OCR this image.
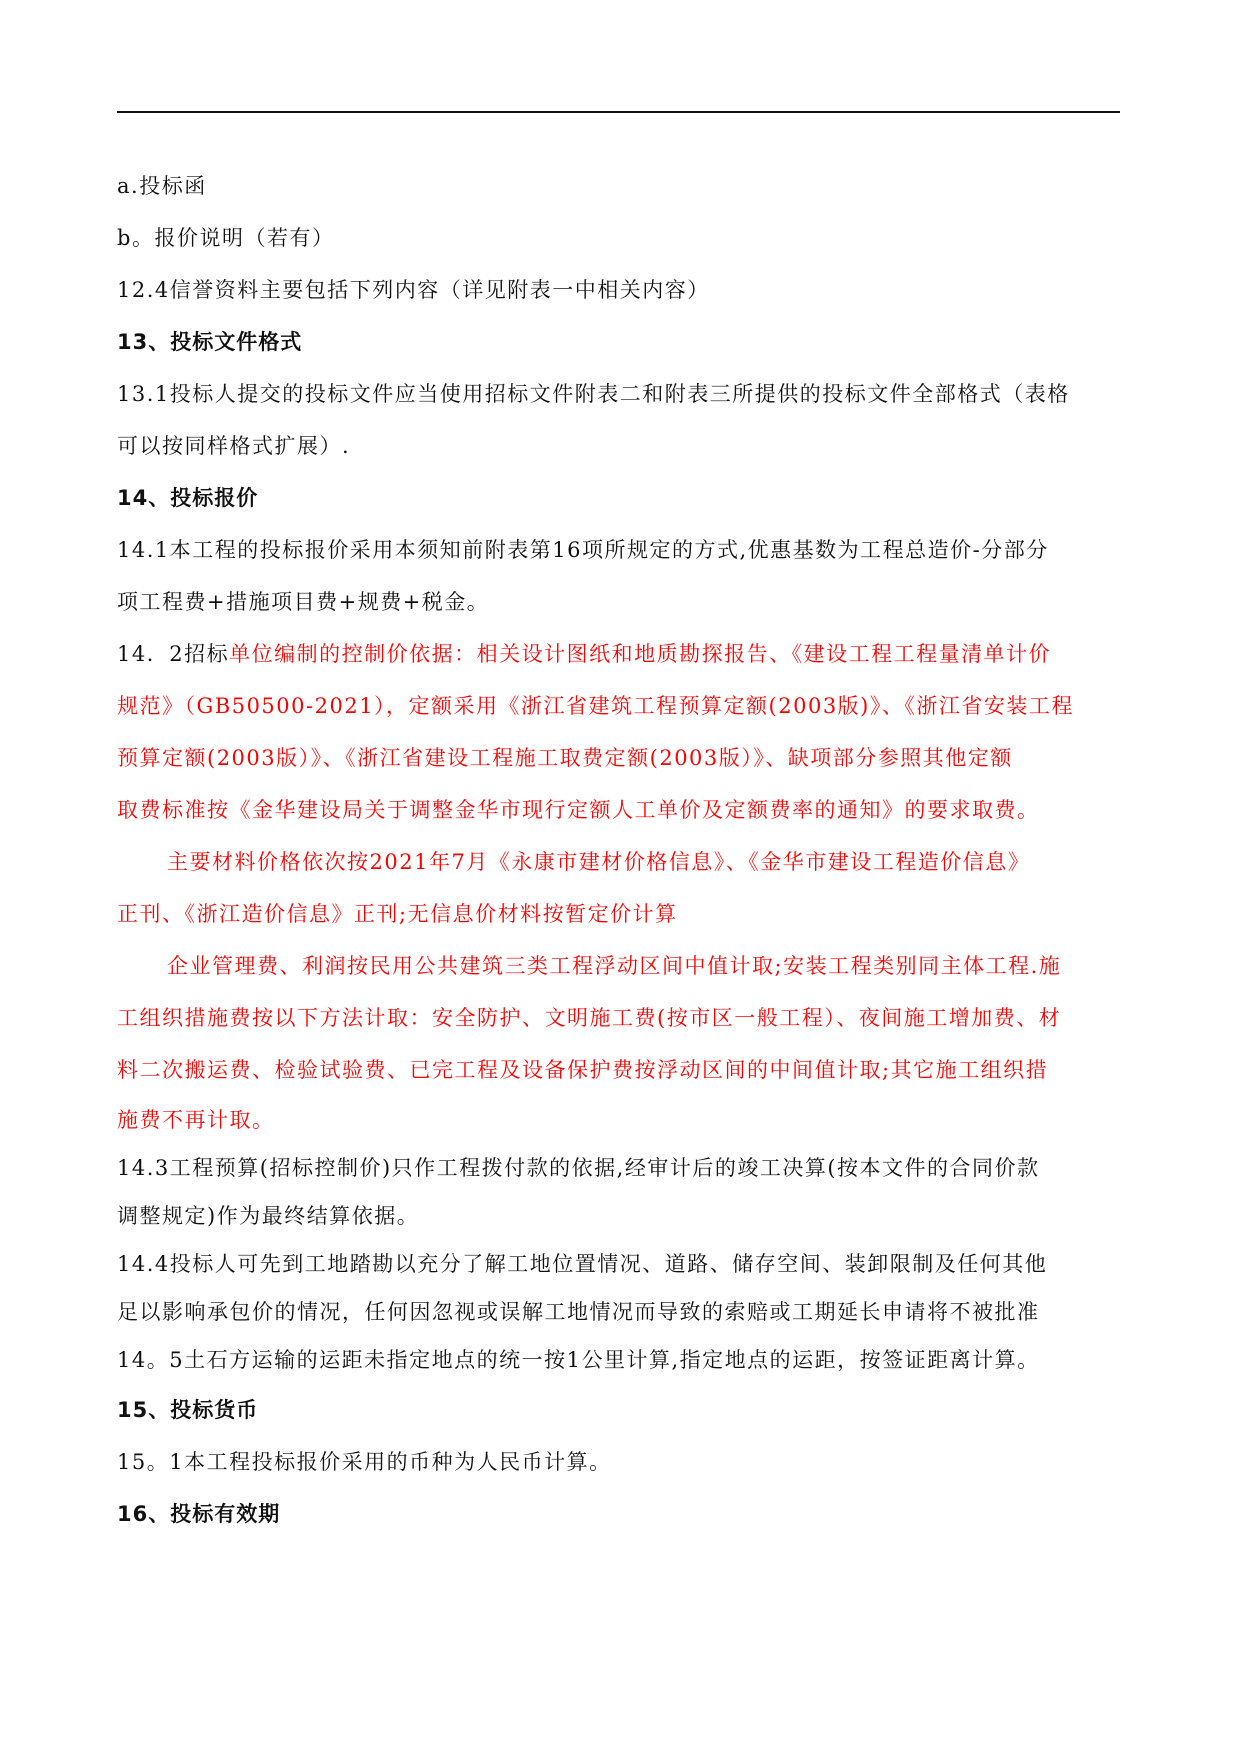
a.投标函
b。报价说明（若有）
12.4信誉资料主要包括下列内容（详见附表一中相关内容）
13、投标文件格式
13.1投标人提交的投标文件应当使用招标文件附表二和附表三所提供的投标文件全部格式（表格
可以按同样格式扩展）.
14、投标报价
14.1本工程的投标报价采用本须知前附表第16项所规定的方式,优惠基数为工程总造价-分部分
项工程费+措施项目费+规费+税金。
14．2招标单位编制的控制价依据：相关设计图纸和地质勘探报告、《建设工程工程量清单计价
规范》（GB50500-2021），定额采用《浙江省建筑工程预算定额(2003版)》、《浙江省安装工程
预算定额(2003版）》、《浙江省建设工程施工取费定额(2003版）》、缺项部分参照其他定额
取费标准按《金华建设局关于调整金华市现行定额人工单价及定额费率的通知》的要求取费。
主要材料价格依次按2021年7月《永康市建材价格信息》、《金华市建设工程造价信息》
正刊、《浙江造价信息》正刊;无信息价材料按暂定价计算
企业管理费、利润按民用公共建筑三类工程浮动区间中值计取;安装工程类别同主体工程.施
工组织措施费按以下方法计取：安全防护、文明施工费(按市区一般工程）、夜间施工增加费、材
料二次搬运费、检验试验费、已完工程及设备保护费按浮动区间的中间值计取;其它施工组织措
施费不再计取。
14.3工程预算(招标控制价)只作工程拨付款的依据,经审计后的竣工决算(按本文件的合同价款
调整规定)作为最终结算依据。
14.4投标人可先到工地踏勘以充分了解工地位置情况、道路、储存空间、装卸限制及任何其他
足以影响承包价的情况，任何因忽视或误解工地情况而导致的索赔或工期延长申请将不被批准
14。5土石方运输的运距未指定地点的统一按1公里计算,指定地点的运距，按签证距离计算。
15、投标货币
15。1本工程投标报价采用的币种为人民币计算。
16、投标有效期
